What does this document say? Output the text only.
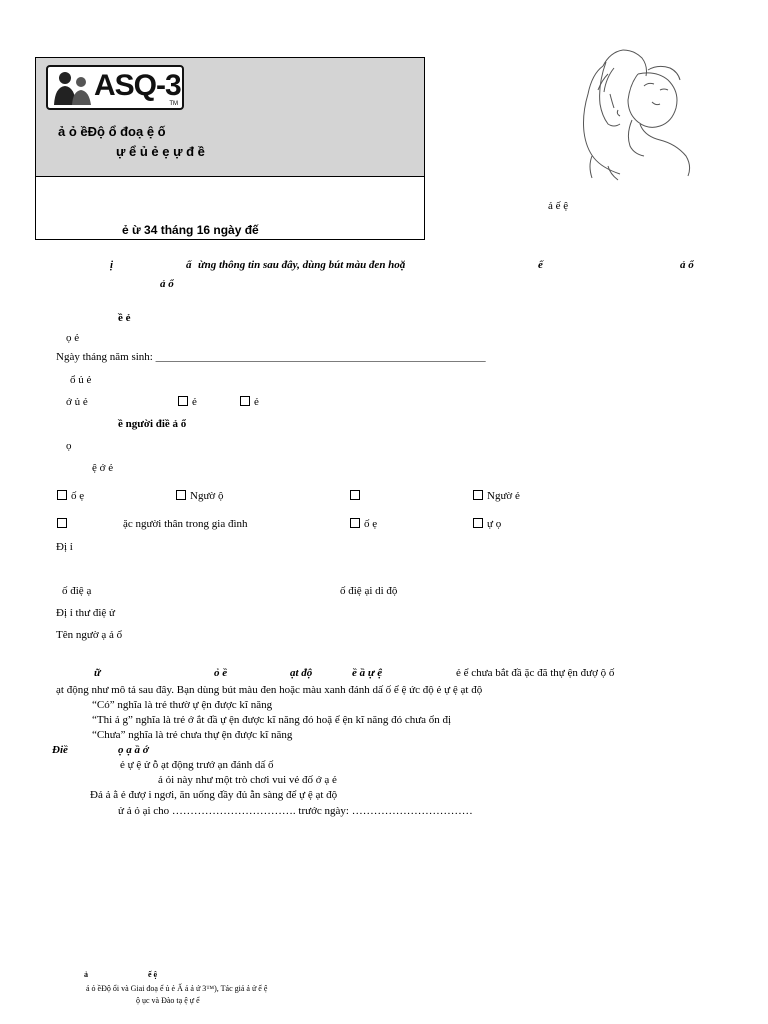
ASQ-3
TM
ả ỏ ềĐộ ổ đoạ ệ ố
ự ể ủ ẻ ẹ ự đ ề
ẻ ừ 34 tháng 16 ngày đế
ả ế ệ
ị	ấ ừng thông tin sau đây, dùng bút màu đen hoặ	ế	ả ổ
ả ổ
ề ẻ
ọ ẻ
Ngày tháng năm sinh: ____________________________________________________________
ổ ủ ẻ
ớ ủ ẻ	ẻ	ẻ
ề người điề ả ổ
ọ
ệ ớ ẻ
ố ẹ	Ngườ ộ	Ngườ ẻ
ặc người thân trong gia đình	ố ẹ	ự ọ
Đị ỉ
ố điệ ạ	ố điệ ại di độ
Đị ỉ thư điệ ử
Tên ngườ ạ ả ổ
ữ	ỏ ề	ạt độ	ề ầ ự ệ	ẻ ể chưa bắt đầ ặc đã thự ện đượ ộ ố
ạt động như mô tả sau đây. Bạn dùng bút màu đen hoặc màu xanh đánh dấ ố ể ệ ức độ ẻ ự ệ ạt độ
“Có” nghĩa là trẻ thườ ự ện được kĩ năng
“Thi ả g” nghĩa là trẻ ớ ắt đầ ự ện được kĩ năng đó hoặ ể ện kĩ năng đó chưa ổn đị
“Chưa” nghĩa là trẻ chưa thự ện được kĩ năng
Điề	ọ ạ ầ ớ
ẻ ự ệ ử ỗ ạt động trướ ạn đánh dấ ố
ả ỏi này như một trò chơi vui vẻ đố ớ ạ ẻ
Đả ả ằ ẻ đượ i ngơi, ăn uống đầy đủ ẵn sàng để ự ệ ạt độ
ử ả ỏ ại cho ……………………………. trước ngày: ……………………………
ả	ế ệ
ả ỏ ềĐộ ổi và Giai đoạ ể ủ ẻ Ấ ả ả ứ 3™), Tác giả ả ử ế ệ
ộ ục và Đào tạ ệ ự ể
